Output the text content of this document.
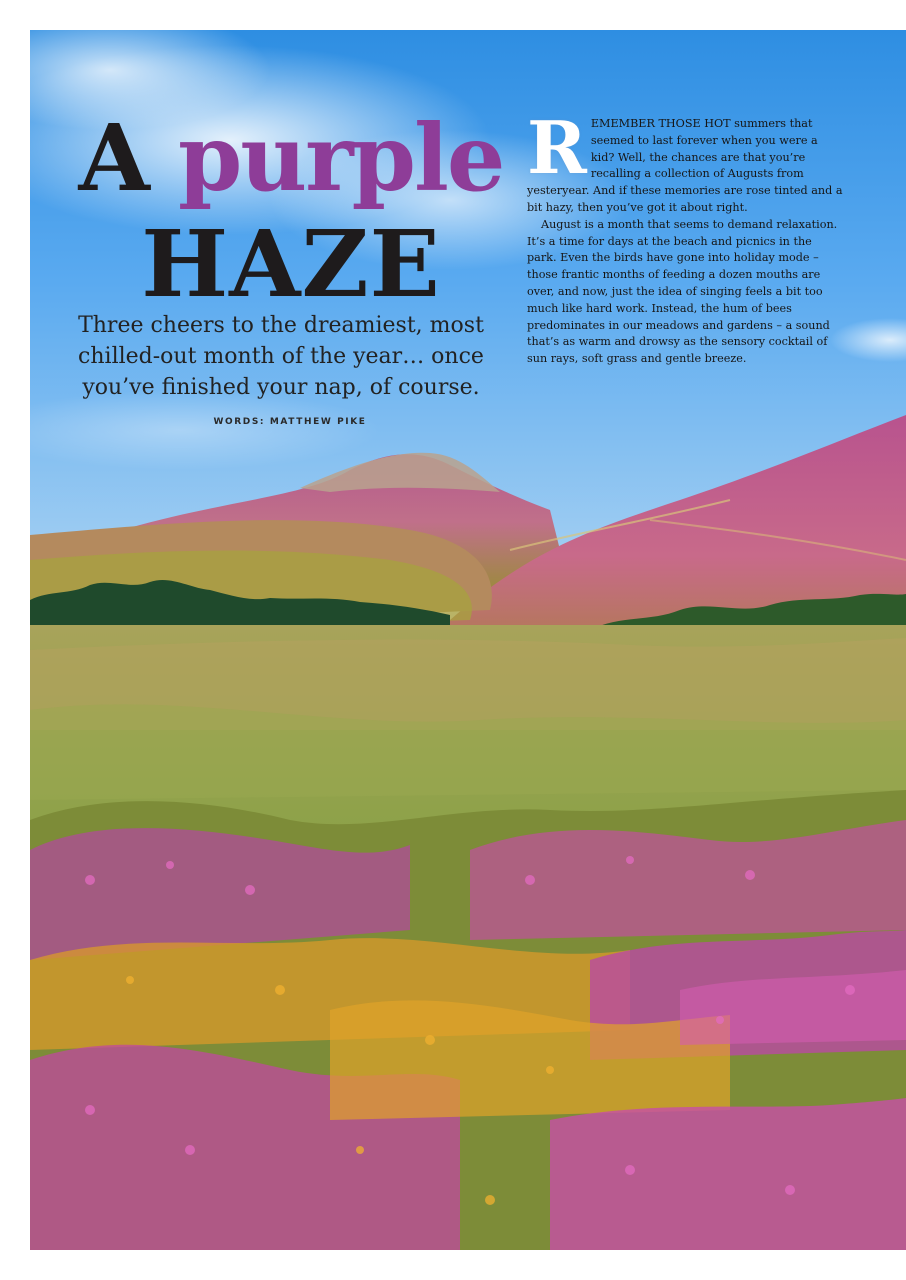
A purple
HAZE
Three cheers to the dreamiest, most chilled-out month of the year… once you’ve finished your nap, of course.
WORDS: MATTHEW PIKE

REMEMBER THOSE HOT summers that seemed to last forever when you were a kid? Well, the chances are that you’re recalling a collection of Augusts from yesteryear. And if these memories are rose tinted and a bit hazy, then you’ve got it about right.

August is a month that seems to demand relaxation. It’s a time for days at the beach and picnics in the park. Even the birds have gone into holiday mode – those frantic months of feeding a dozen mouths are over, and now, just the idea of singing feels a bit too much like hard work. Instead, the hum of bees predominates in our meadows and gardens – a sound that’s as warm and drowsy as the sensory cocktail of sun rays, soft grass and gentle breeze.
